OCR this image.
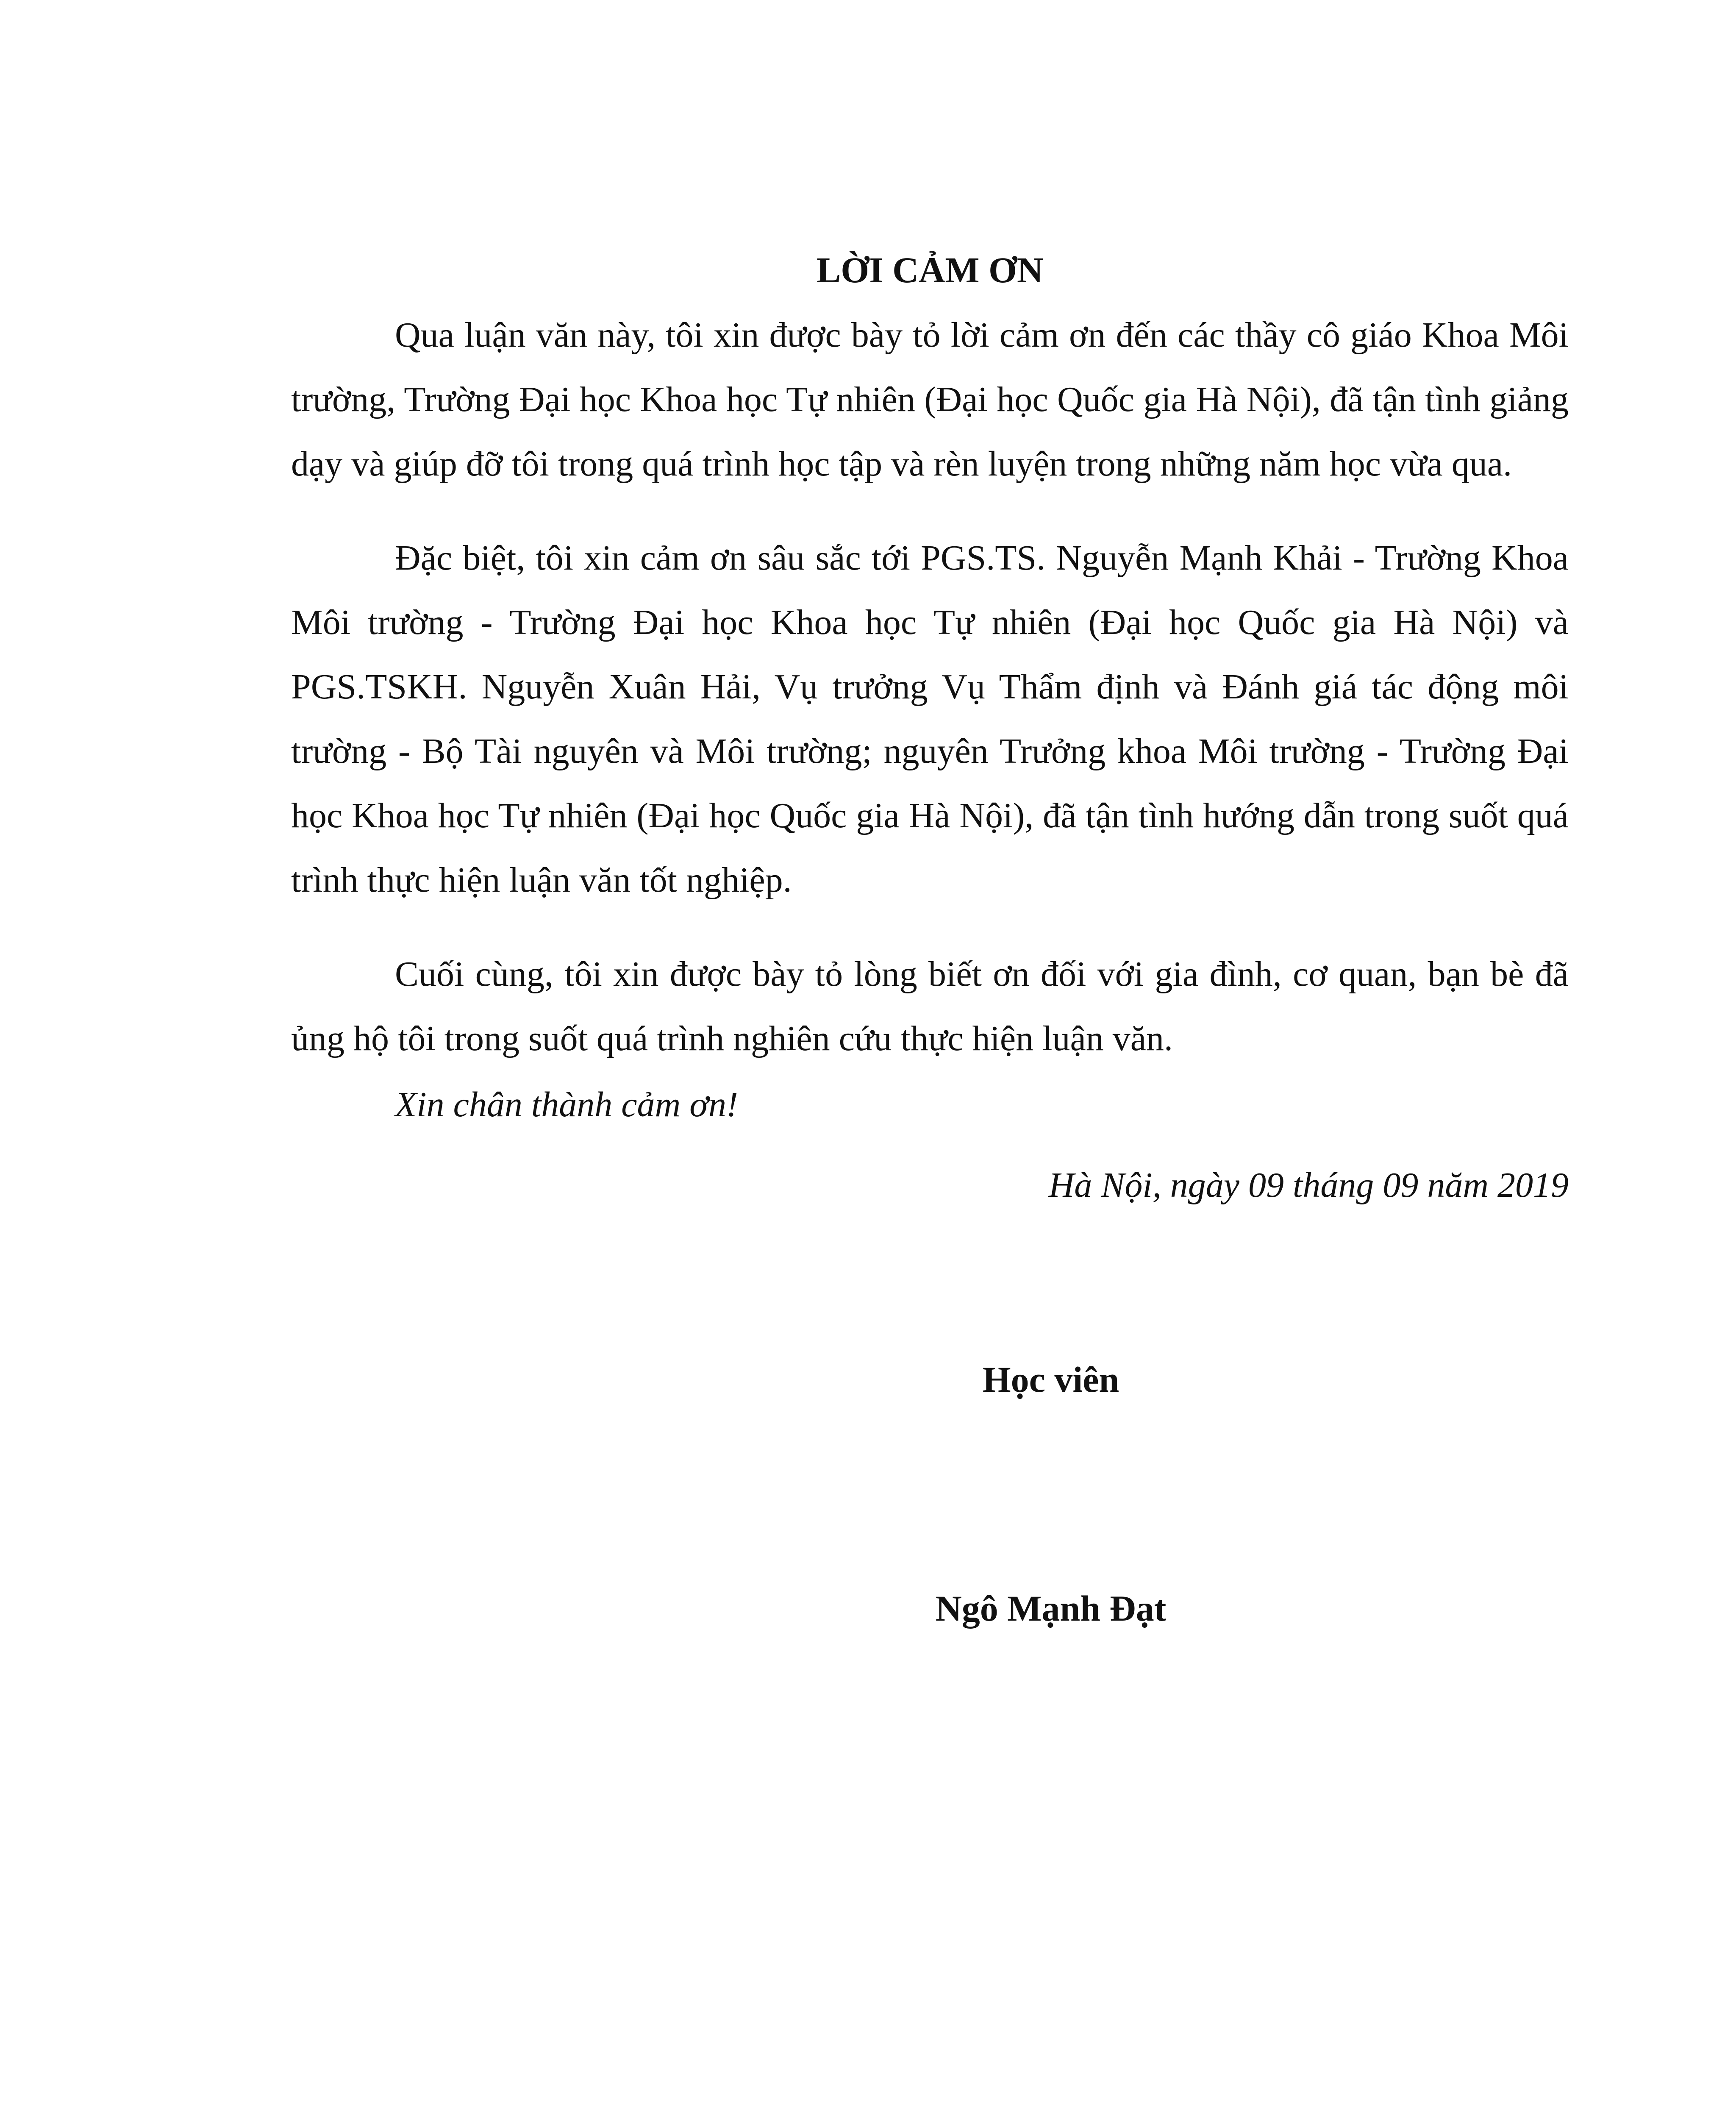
LỜI CẢM ƠN

Qua luận văn này, tôi xin được bày tỏ lời cảm ơn đến các thầy cô giáo Khoa Môi trường, Trường Đại học Khoa học Tự nhiên (Đại học Quốc gia Hà Nội), đã tận tình giảng dạy và giúp đỡ tôi trong quá trình học tập và rèn luyện trong những năm học vừa qua.

Đặc biệt, tôi xin cảm ơn sâu sắc tới PGS.TS. Nguyễn Mạnh Khải - Trường Khoa Môi trường - Trường Đại học Khoa học Tự nhiên (Đại học Quốc gia Hà Nội) và PGS.TSKH. Nguyễn Xuân Hải, Vụ trưởng Vụ Thẩm định và Đánh giá tác động môi trường - Bộ Tài nguyên và Môi trường; nguyên Trưởng khoa Môi trường - Trường Đại học Khoa học Tự nhiên (Đại học Quốc gia Hà Nội), đã tận tình hướng dẫn trong suốt quá trình thực hiện luận văn tốt nghiệp.

Cuối cùng, tôi xin được bày tỏ lòng biết ơn đối với gia đình, cơ quan, bạn bè đã ủng hộ tôi trong suốt quá trình nghiên cứu thực hiện luận văn.

Xin chân thành cảm ơn!
Hà Nội, ngày 09 tháng 09 năm 2019
Học viên
Ngô Mạnh Đạt
